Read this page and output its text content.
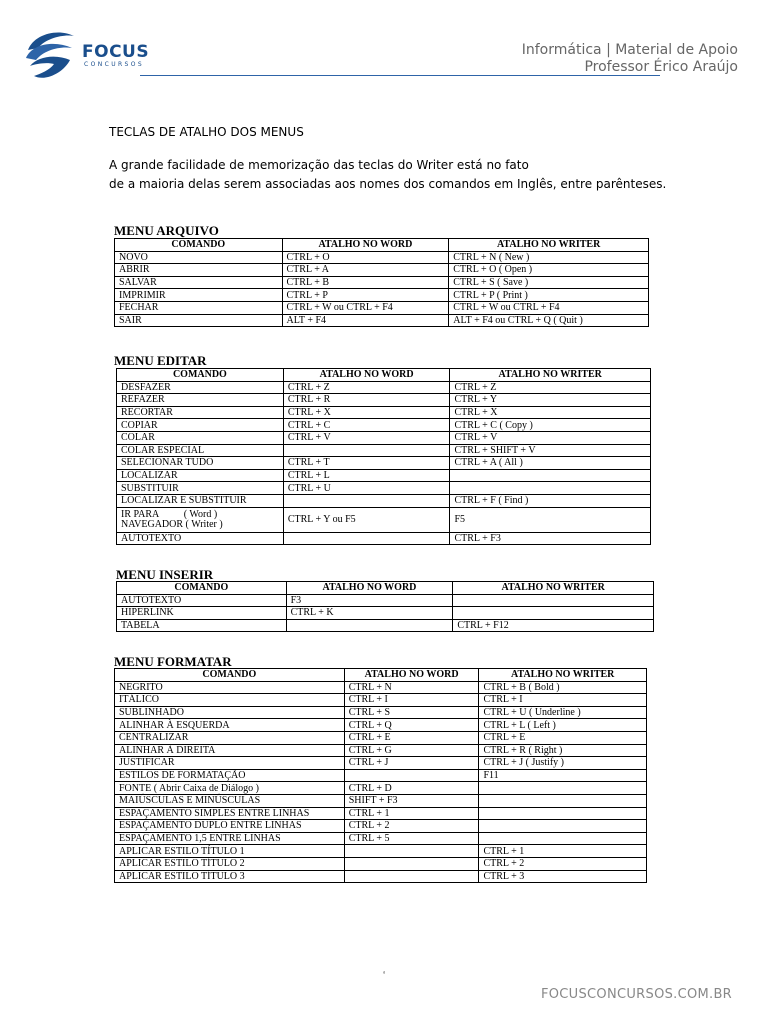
FOCUS
CONCURSOS
Informática | Material de Apoio
Professor Érico Araújo
TECLAS DE ATALHO DOS MENUS
A grande facilidade de memorização das teclas do Writer está no fato
de a maioria delas serem associadas aos nomes dos comandos em Inglês, entre parênteses.
MENU ARQUIVO
COMANDO	ATALHO NO WORD	ATALHO NO WRITER
NOVO	CTRL + O	CTRL + N ( New )
ABRIR	CTRL + A	CTRL + O ( Open )
SALVAR	CTRL + B	CTRL + S ( Save )
IMPRIMIR	CTRL + P	CTRL + P ( Print )
FECHAR	CTRL + W ou CTRL + F4	CTRL + W ou CTRL + F4
SAIR	ALT + F4	ALT + F4 ou CTRL + Q ( Quit )
MENU EDITAR
COMANDO	ATALHO NO WORD	ATALHO NO WRITER
DESFAZER	CTRL + Z	CTRL + Z
REFAZER	CTRL + R	CTRL + Y
RECORTAR	CTRL + X	CTRL + X
COPIAR	CTRL + C	CTRL + C ( Copy )
COLAR	CTRL + V	CTRL + V
COLAR ESPECIAL		CTRL + SHIFT + V
SELECIONAR TUDO	CTRL + T	CTRL + A ( All )
LOCALIZAR	CTRL + L	
SUBSTITUIR	CTRL + U	
LOCALIZAR E SUBSTITUIR		CTRL + F ( Find )
IR PARA          ( Word )
NAVEGADOR ( Writer )	CTRL + Y ou F5	F5
AUTOTEXTO		CTRL + F3
MENU INSERIR
COMANDO	ATALHO NO WORD	ATALHO NO WRITER
AUTOTEXTO	F3	
HIPERLINK	CTRL + K	
TABELA		CTRL + F12
MENU FORMATAR
COMANDO	ATALHO NO WORD	ATALHO NO WRITER
NEGRITO	CTRL + N	CTRL + B ( Bold )
ITÁLICO	CTRL + I	CTRL + I
SUBLINHADO	CTRL + S	CTRL + U ( Underline )
ALINHAR À ESQUERDA	CTRL + Q	CTRL + L ( Left )
CENTRALIZAR	CTRL + E	CTRL + E
ALINHAR À DIREITA	CTRL + G	CTRL + R ( Right )
JUSTIFICAR	CTRL + J	CTRL + J ( Justify )
ESTILOS DE FORMATAÇÃO		F11
FONTE ( Abrir Caixa de Diálogo )	CTRL + D	
MAIÚSCULAS E MINÚSCULAS	SHIFT + F3	
ESPAÇAMENTO SIMPLES ENTRE LINHAS	CTRL + 1	
ESPAÇAMENTO DUPLO ENTRE LINHAS	CTRL + 2	
ESPAÇAMENTO 1,5 ENTRE LINHAS	CTRL + 5	
APLICAR ESTILO TÍTULO 1		CTRL + 1
APLICAR ESTILO TÍTULO 2		CTRL + 2
APLICAR ESTILO TÍTULO 3		CTRL + 3
‘
FOCUSCONCURSOS.COM.BR
